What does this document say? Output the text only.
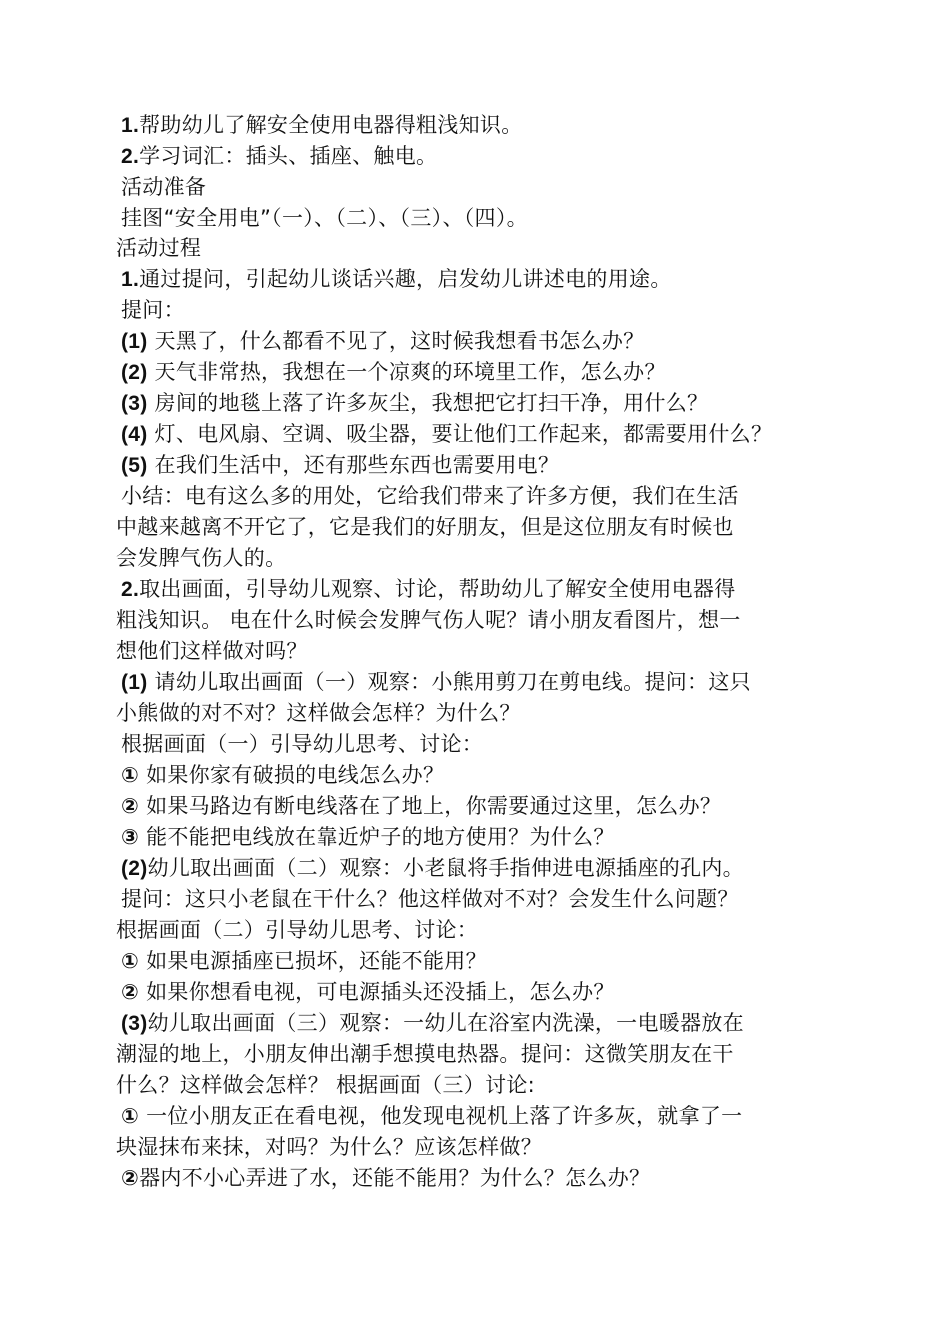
1.帮助幼儿了解安全使用电器得粗浅知识。
2.学习词汇：插头、插座、触电。
活动准备
挂图“安全用电”（一）、（二）、（三）、（四）。
活动过程
1.通过提问，引起幼儿谈话兴趣，启发幼儿讲述电的用途。
提问：
(1) 天黑了，什么都看不见了，这时候我想看书怎么办？
(2) 天气非常热，我想在一个凉爽的环境里工作，怎么办？
(3) 房间的地毯上落了许多灰尘，我想把它打扫干净，用什么？
(4) 灯、电风扇、空调、吸尘器，要让他们工作起来，都需要用什么？
(5) 在我们生活中，还有那些东西也需要用电？
小结：电有这么多的用处，它给我们带来了许多方便，我们在生活
中越来越离不开它了，它是我们的好朋友，但是这位朋友有时候也
会发脾气伤人的。
2.取出画面，引导幼儿观察、讨论，帮助幼儿了解安全使用电器得
粗浅知识。 电在什么时候会发脾气伤人呢？请小朋友看图片，想一
想他们这样做对吗？
(1) 请幼儿取出画面（一）观察：小熊用剪刀在剪电线。提问：这只
小熊做的对不对？这样做会怎样？为什么？
根据画面（一）引导幼儿思考、讨论：
① 如果你家有破损的电线怎么办？
② 如果马路边有断电线落在了地上，你需要通过这里，怎么办？
③ 能不能把电线放在靠近炉子的地方使用？为什么？
(2)幼儿取出画面（二）观察：小老鼠将手指伸进电源插座的孔内。
提问：这只小老鼠在干什么？他这样做对不对？会发生什么问题？
根据画面（二）引导幼儿思考、讨论：
① 如果电源插座已损坏，还能不能用？
② 如果你想看电视，可电源插头还没插上，怎么办？
(3)幼儿取出画面（三）观察：一幼儿在浴室内洗澡，一电暖器放在
潮湿的地上，小朋友伸出潮手想摸电热器。提问：这微笑朋友在干
什么？这样做会怎样？ 根据画面（三）讨论:
① 一位小朋友正在看电视，他发现电视机上落了许多灰，就拿了一
块湿抹布来抹，对吗？为什么？应该怎样做？
②器内不小心弄进了水，还能不能用？为什么？怎么办？
